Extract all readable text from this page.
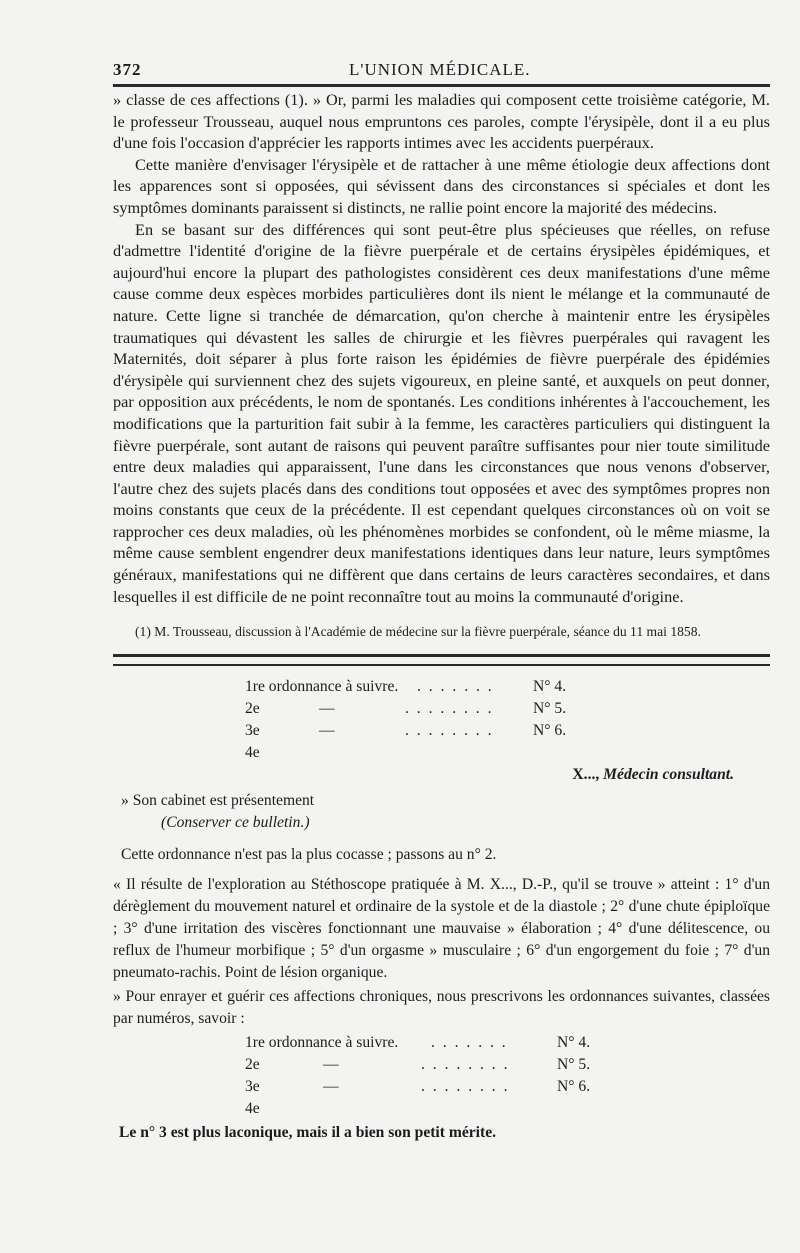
372	L'UNION MÉDICALE.

» classe de ces affections (1). » Or, parmi les maladies qui composent cette troisième catégorie, M. le professeur Trousseau, auquel nous empruntons ces paroles, compte l'érysipèle, dont il a eu plus d'une fois l'occasion d'apprécier les rapports intimes avec les accidents puerpéraux.

Cette manière d'envisager l'érysipèle et de rattacher à une même étiologie deux affections dont les apparences sont si opposées, qui sévissent dans des circonstances si spéciales et dont les symptômes dominants paraissent si distincts, ne rallie point encore la majorité des médecins.

En se basant sur des différences qui sont peut-être plus spécieuses que réelles, on refuse d'admettre l'identité d'origine de la fièvre puerpérale et de certains érysipèles épidémiques, et aujourd'hui encore la plupart des pathologistes considèrent ces deux manifestations d'une même cause comme deux espèces morbides particulières dont ils nient le mélange et la communauté de nature. Cette ligne si tranchée de démarcation, qu'on cherche à maintenir entre les érysipèles traumatiques qui dévastent les salles de chirurgie et les fièvres puerpérales qui ravagent les Maternités, doit séparer à plus forte raison les épidémies de fièvre puerpérale des épidémies d'érysipèle qui surviennent chez des sujets vigoureux, en pleine santé, et auxquels on peut donner, par opposition aux précédents, le nom de spontanés. Les conditions inhérentes à l'accouchement, les modifications que la parturition fait subir à la femme, les caractères particuliers qui distinguent la fièvre puerpérale, sont autant de raisons qui peuvent paraître suffisantes pour nier toute similitude entre deux maladies qui apparaissent, l'une dans les circonstances que nous venons d'observer, l'autre chez des sujets placés dans des conditions tout opposées et avec des symptômes propres non moins constants que ceux de la précédente. Il est cependant quelques circonstances où on voit se rapprocher ces deux maladies, où les phénomènes morbides se confondent, où le même miasme, la même cause semblent engendrer deux manifestations identiques dans leur nature, leurs symptômes généraux, manifestations qui ne diffèrent que dans certains de leurs caractères secondaires, et dans lesquelles il est difficile de ne point reconnaître tout au moins la communauté d'origine.

(1) M. Trousseau, discussion à l'Académie de médecine sur la fièvre puerpérale, séance du 11 mai 1858.
1re ordonnance à suivre. . . . . . . .	N° 4.
2e	—	. . . . . . . .	N° 5.
3e	—	. . . . . . . .	N° 6.
4e
X..., Médecin consultant.
» Son cabinet est présentement
(Conserver ce bulletin.)
Cette ordonnance n'est pas la plus cocasse ; passons au n° 2.
« Il résulte de l'exploration au Stéthoscope pratiquée à M. X..., D.-P., qu'il se trouve » atteint : 1° d'un dérèglement du mouvement naturel et ordinaire de la systole et de la diastole ; 2° d'une chute épiploïque ; 3° d'une irritation des viscères fonctionnant une mauvaise » élaboration ; 4° d'une délitescence, ou reflux de l'humeur morbifique ; 5° d'un orgasme » musculaire ; 6° d'un engorgement du foie ; 7° d'un pneumato-rachis. Point de lésion organique.
» Pour enrayer et guérir ces affections chroniques, nous prescrivons les ordonnances suivantes, classées par numéros, savoir :
1re ordonnance à suivre. . . . . . . .	N° 4.
2e	—	. . . . . . . .	N° 5.
3e	—	. . . . . . . .	N° 6.
4e
Le n° 3 est plus laconique, mais il a bien son petit mérite.
